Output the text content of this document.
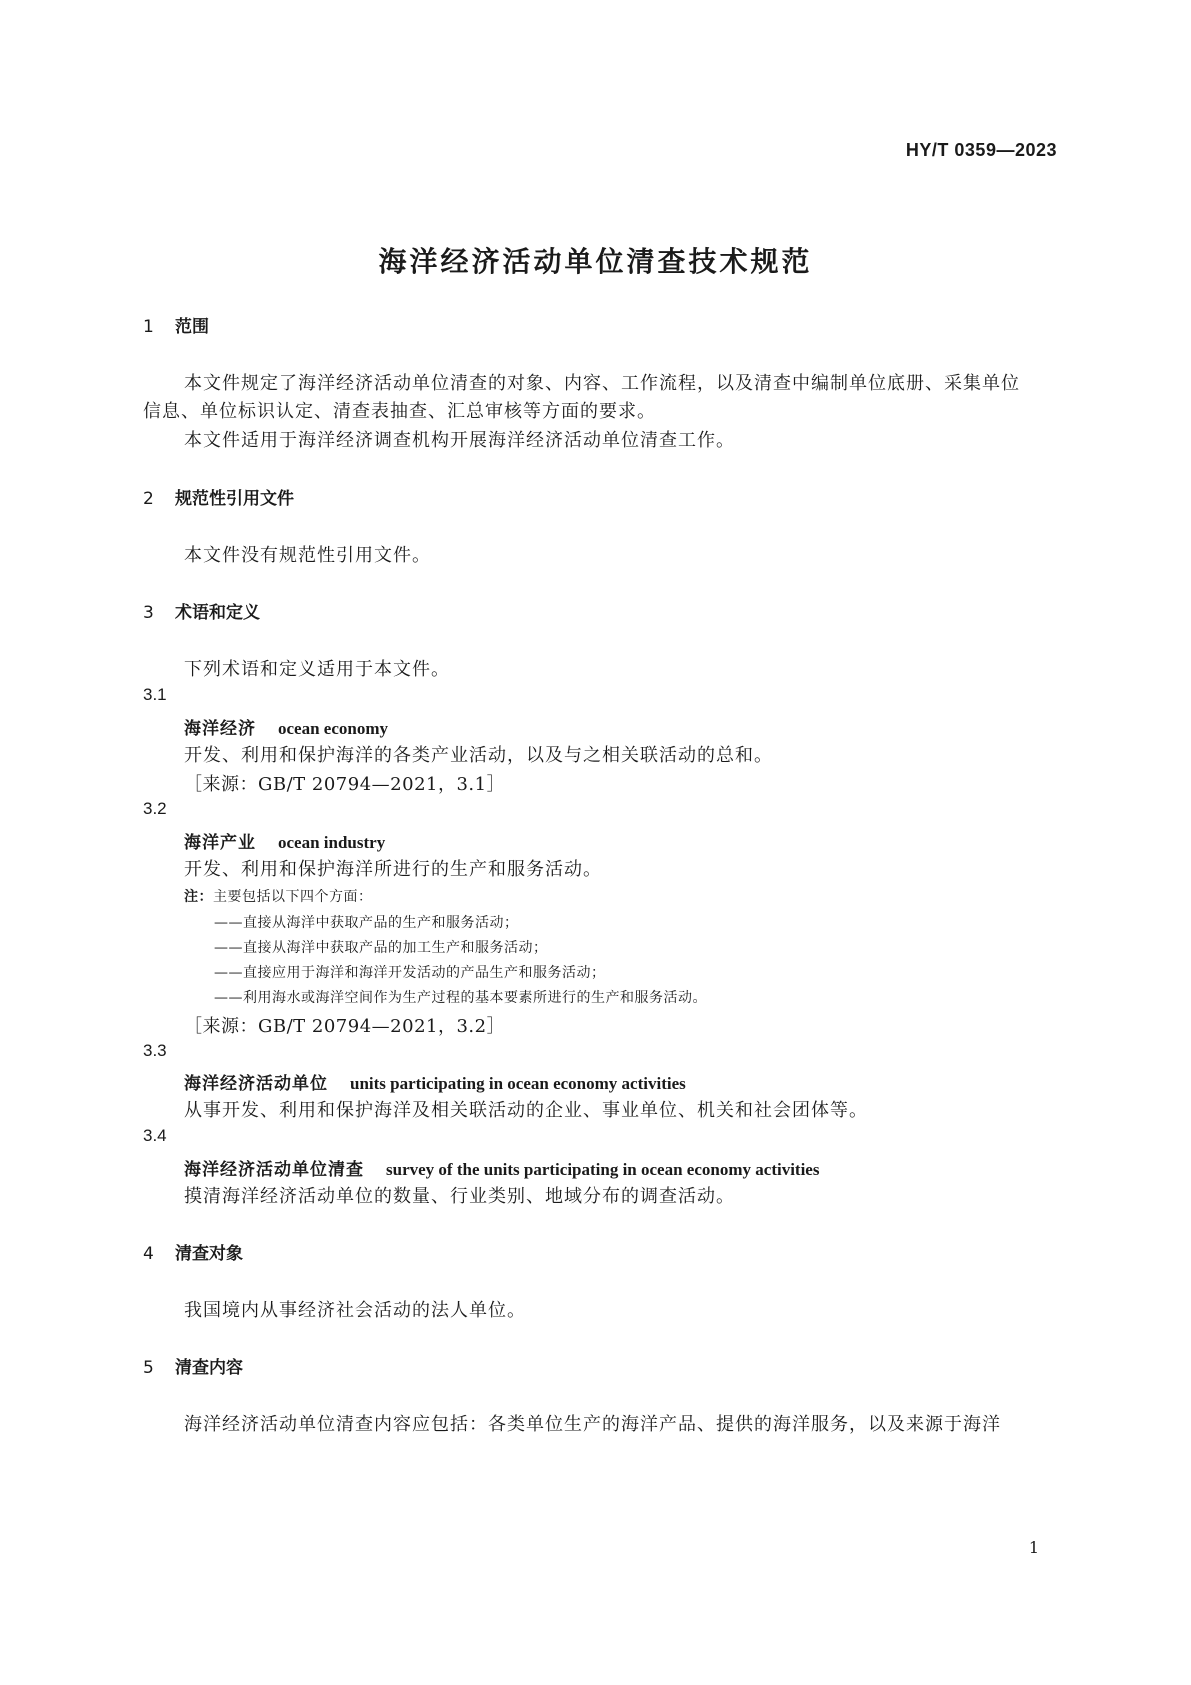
HY/T 0359—2023
海洋经济活动单位清查技术规范
1 范围
本文件规定了海洋经济活动单位清查的对象、内容、工作流程，以及清查中编制单位底册、采集单位
信息、单位标识认定、清查表抽查、汇总审核等方面的要求。
本文件适用于海洋经济调查机构开展海洋经济活动单位清查工作。
2 规范性引用文件
本文件没有规范性引用文件。
3 术语和定义
下列术语和定义适用于本文件。
3.1
海洋经济 ocean economy
开发、利用和保护海洋的各类产业活动，以及与之相关联活动的总和。
［来源：GB/T 20794—2021，3.1］
3.2
海洋产业 ocean industry
开发、利用和保护海洋所进行的生产和服务活动。
注：主要包括以下四个方面：
——直接从海洋中获取产品的生产和服务活动；
——直接从海洋中获取产品的加工生产和服务活动；
——直接应用于海洋和海洋开发活动的产品生产和服务活动；
——利用海水或海洋空间作为生产过程的基本要素所进行的生产和服务活动。
［来源：GB/T 20794—2021，3.2］
3.3
海洋经济活动单位 units participating in ocean economy activities
从事开发、利用和保护海洋及相关联活动的企业、事业单位、机关和社会团体等。
3.4
海洋经济活动单位清查 survey of the units participating in ocean economy activities
摸清海洋经济活动单位的数量、行业类别、地域分布的调查活动。
4 清查对象
我国境内从事经济社会活动的法人单位。
5 清查内容
海洋经济活动单位清查内容应包括：各类单位生产的海洋产品、提供的海洋服务，以及来源于海洋
1
